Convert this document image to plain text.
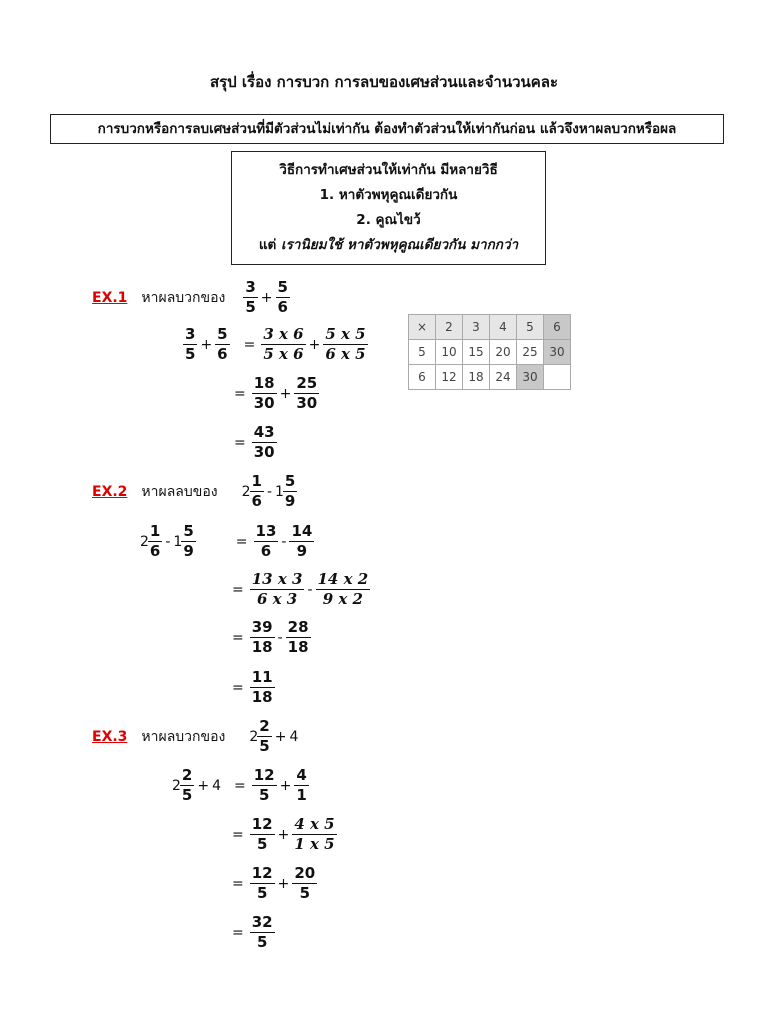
สรุป เรื่อง การบวก การลบของเศษส่วนและจำนวนคละ
การบวกหรือการลบเศษส่วนที่มีตัวส่วนไม่เท่ากัน ต้องทำตัวส่วนให้เท่ากันก่อน แล้วจึงหาผลบวกหรือผล
วิธีการทำเศษส่วนให้เท่ากัน มีหลายวิธี
1. หาตัวพหุคูณเดียวกัน
2. คูณไขว้
แต่ เรานิยมใช้ หาตัวพหุคูณเดียวกัน มากกว่า
EX.1 หาผลบวกของ $\frac{3}{5} + \frac{5}{6}$
$\frac{3}{5} + \frac{5}{6} = \frac{3 x 6}{5 x 6} + \frac{5 x 5}{6 x 5}$
= $\frac{18}{30} + \frac{25}{30}$
= $\frac{43}{30}$
×	2	3	4	5	6
5	10	15	20	25	30
6	12	18	24	30	
EX.2 หาผลลบของ $2 \frac{1}{6} - 1 \frac{5}{9}$
$2 \frac{1}{6} - 1 \frac{5}{9}$	= $\frac{13}{6} - \frac{14}{9}$
= $\frac{13 x 3}{6 x 3} - \frac{14 x 2}{9 x 2}$
= $\frac{39}{18} - \frac{28}{18}$
= $\frac{11}{18}$
EX.3 หาผลบวกของ $2 \frac{2}{5} + 4$
$2 \frac{2}{5} + 4 = \frac{12}{5} + \frac{4}{1}$
= $\frac{12}{5} + \frac{4 x 5}{1 x 5}$
= $\frac{12}{5} + \frac{20}{5}$
= $\frac{32}{5}$
